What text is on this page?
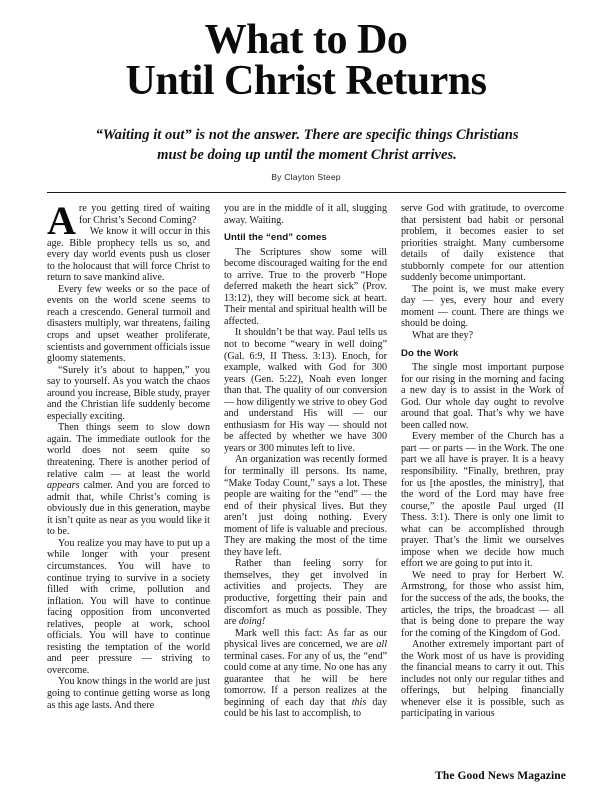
What to Do
Until Christ Returns
“Waiting it out” is not the answer. There are specific things Christians must be doing up until the moment Christ arrives.
By Clayton Steep

Are you getting tired of waiting for Christ’s Second Coming?

We know it will occur in this age. Bible prophecy tells us so, and every day world events push us closer to the holocaust that will force Christ to return to save mankind alive.

Every few weeks or so the pace of events on the world scene seems to reach a crescendo. General turmoil and disasters multiply, war threatens, failing crops and upset weather proliferate, scientists and government officials issue gloomy statements.

“Surely it’s about to happen,” you say to yourself. As you watch the chaos around you increase, Bible study, prayer and the Christian life suddenly become especially exciting.

Then things seem to slow down again. The immediate outlook for the world does not seem quite so threatening. There is another period of relative calm — at least the world appears calmer. And you are forced to admit that, while Christ’s coming is obviously due in this generation, maybe it isn’t quite as near as you would like it to be.

You realize you may have to put up a while longer with your present circumstances. You will have to continue trying to survive in a society filled with crime, pollution and inflation. You will have to continue facing opposition from unconverted relatives, people at work, school officials. You will have to continue resisting the temptation of the world and peer pressure — striving to overcome.

You know things in the world are just going to continue getting worse as long as this age lasts. And there

you are in the middle of it all, slugging away. Waiting.

Until the “end” comes

The Scriptures show some will become discouraged waiting for the end to arrive. True to the proverb “Hope deferred maketh the heart sick” (Prov. 13:12), they will become sick at heart. Their mental and spiritual health will be affected.

It shouldn’t be that way. Paul tells us not to become “weary in well doing” (Gal. 6:9, II Thess. 3:13). Enoch, for example, walked with God for 300 years (Gen. 5:22), Noah even longer than that. The quality of our conversion — how diligently we strive to obey God and understand His will — our enthusiasm for His way — should not be affected by whether we have 300 years or 300 minutes left to live.

An organization was recently formed for terminally ill persons. Its name, “Make Today Count,” says a lot. These people are waiting for the “end” — the end of their physical lives. But they aren’t just doing nothing. Every moment of life is valuable and precious. They are making the most of the time they have left.

Rather than feeling sorry for themselves, they get involved in activities and projects. They are productive, forgetting their pain and discomfort as much as possible. They are doing!

Mark well this fact: As far as our physical lives are concerned, we are all terminal cases. For any of us, the “end” could come at any time. No one has any guarantee that he will be here tomorrow. If a person realizes at the beginning of each day that this day could be his last to accomplish, to

serve God with gratitude, to overcome that persistent bad habit or personal problem, it becomes easier to set priorities straight. Many cumbersome details of daily existence that stubbornly compete for our attention suddenly become unimportant.

The point is, we must make every day — yes, every hour and every moment — count. There are things we should be doing.

What are they?

Do the Work

The single most important purpose for our rising in the morning and facing a new day is to assist in the Work of God. Our whole day ought to revolve around that goal. That’s why we have been called now.

Every member of the Church has a part — or parts — in the Work. The one part we all have is prayer. It is a heavy responsibility. “Finally, brethren, pray for us [the apostles, the ministry], that the word of the Lord may have free course,” the apostle Paul urged (II Thess. 3:1). There is only one limit to what can be accomplished through prayer. That’s the limit we ourselves impose when we decide how much effort we are going to put into it.

We need to pray for Herbert W. Armstrong, for those who assist him, for the success of the ads, the books, the articles, the trips, the broadcast — all that is being done to prepare the way for the coming of the Kingdom of God.

Another extremely important part of the Work most of us have is providing the financial means to carry it out. This includes not only our regular tithes and offerings, but helping financially whenever else it is possible, such as participating in various

The Good News Magazine
